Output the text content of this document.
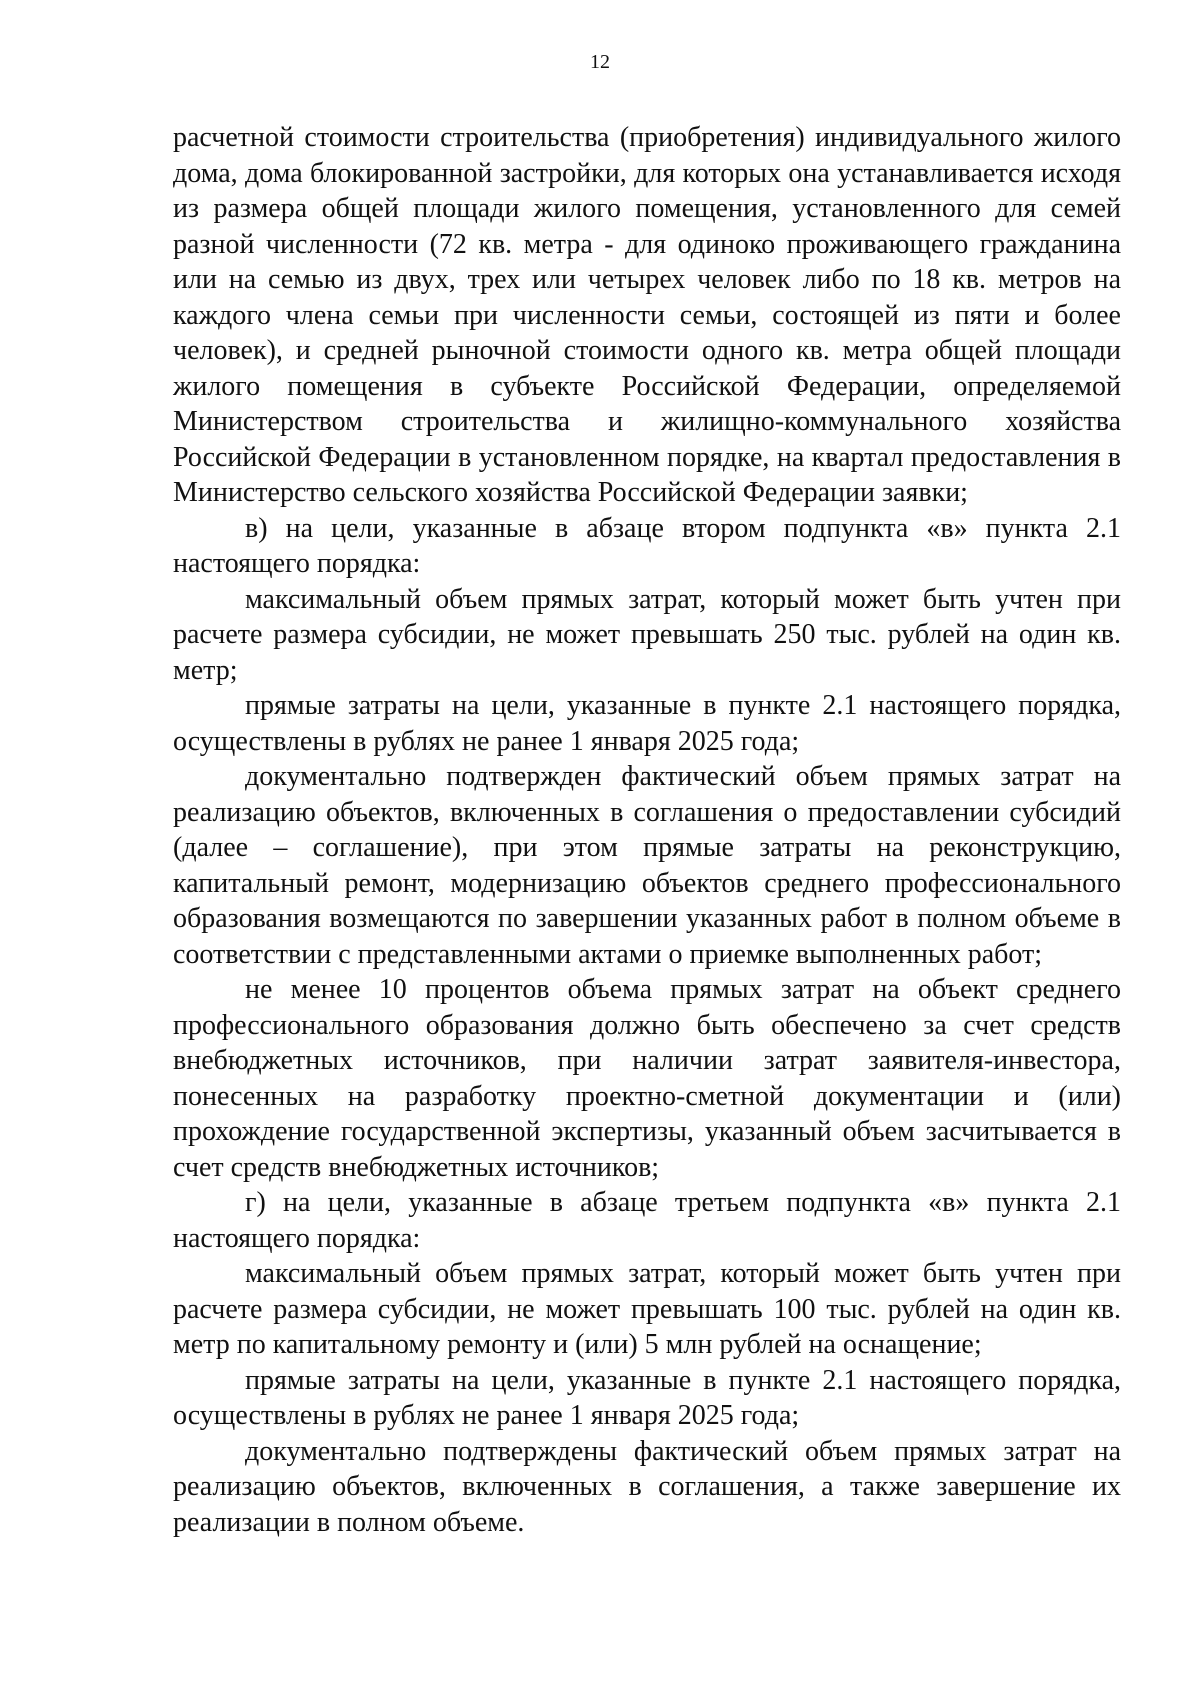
12

расчетной стоимости строительства (приобретения) индивидуального жилого дома, дома блокированной застройки, для которых она устанавливается исходя из размера общей площади жилого помещения, установленного для семей разной численности (72 кв. метра - для одиноко проживающего гражданина или на семью из двух, трех или четырех человек либо по 18 кв. метров на каждого члена семьи при численности семьи, состоящей из пяти и более человек), и средней рыночной стоимости одного кв. метра общей площади жилого помещения в субъекте Российской Федерации, определяемой Министерством строительства и жилищно-коммунального хозяйства Российской Федерации в установленном порядке, на квартал предоставления в Министерство сельского хозяйства Российской Федерации заявки;

в) на цели, указанные в абзаце втором подпункта «в» пункта 2.1 настоящего порядка:

максимальный объем прямых затрат, который может быть учтен при расчете размера субсидии, не может превышать 250 тыс. рублей на один кв. метр;

прямые затраты на цели, указанные в пункте 2.1 настоящего порядка, осуществлены в рублях не ранее 1 января 2025 года;

документально подтвержден фактический объем прямых затрат на реализацию объектов, включенных в соглашения о предоставлении субсидий (далее – соглашение), при этом прямые затраты на реконструкцию, капитальный ремонт, модернизацию объектов среднего профессионального образования возмещаются по завершении указанных работ в полном объеме в соответствии с представленными актами о приемке выполненных работ;

не менее 10 процентов объема прямых затрат на объект среднего профессионального образования должно быть обеспечено за счет средств внебюджетных источников, при наличии затрат заявителя-инвестора, понесенных на разработку проектно-сметной документации и (или) прохождение государственной экспертизы, указанный объем засчитывается в счет средств внебюджетных источников;

г) на цели, указанные в абзаце третьем подпункта «в» пункта 2.1 настоящего порядка:

максимальный объем прямых затрат, который может быть учтен при расчете размера субсидии, не может превышать 100 тыс. рублей на один кв. метр по капитальному ремонту и (или) 5 млн рублей на оснащение;

прямые затраты на цели, указанные в пункте 2.1 настоящего порядка, осуществлены в рублях не ранее 1 января 2025 года;

документально подтверждены фактический объем прямых затрат на реализацию объектов, включенных в соглашения, а также завершение их реализации в полном объеме.
